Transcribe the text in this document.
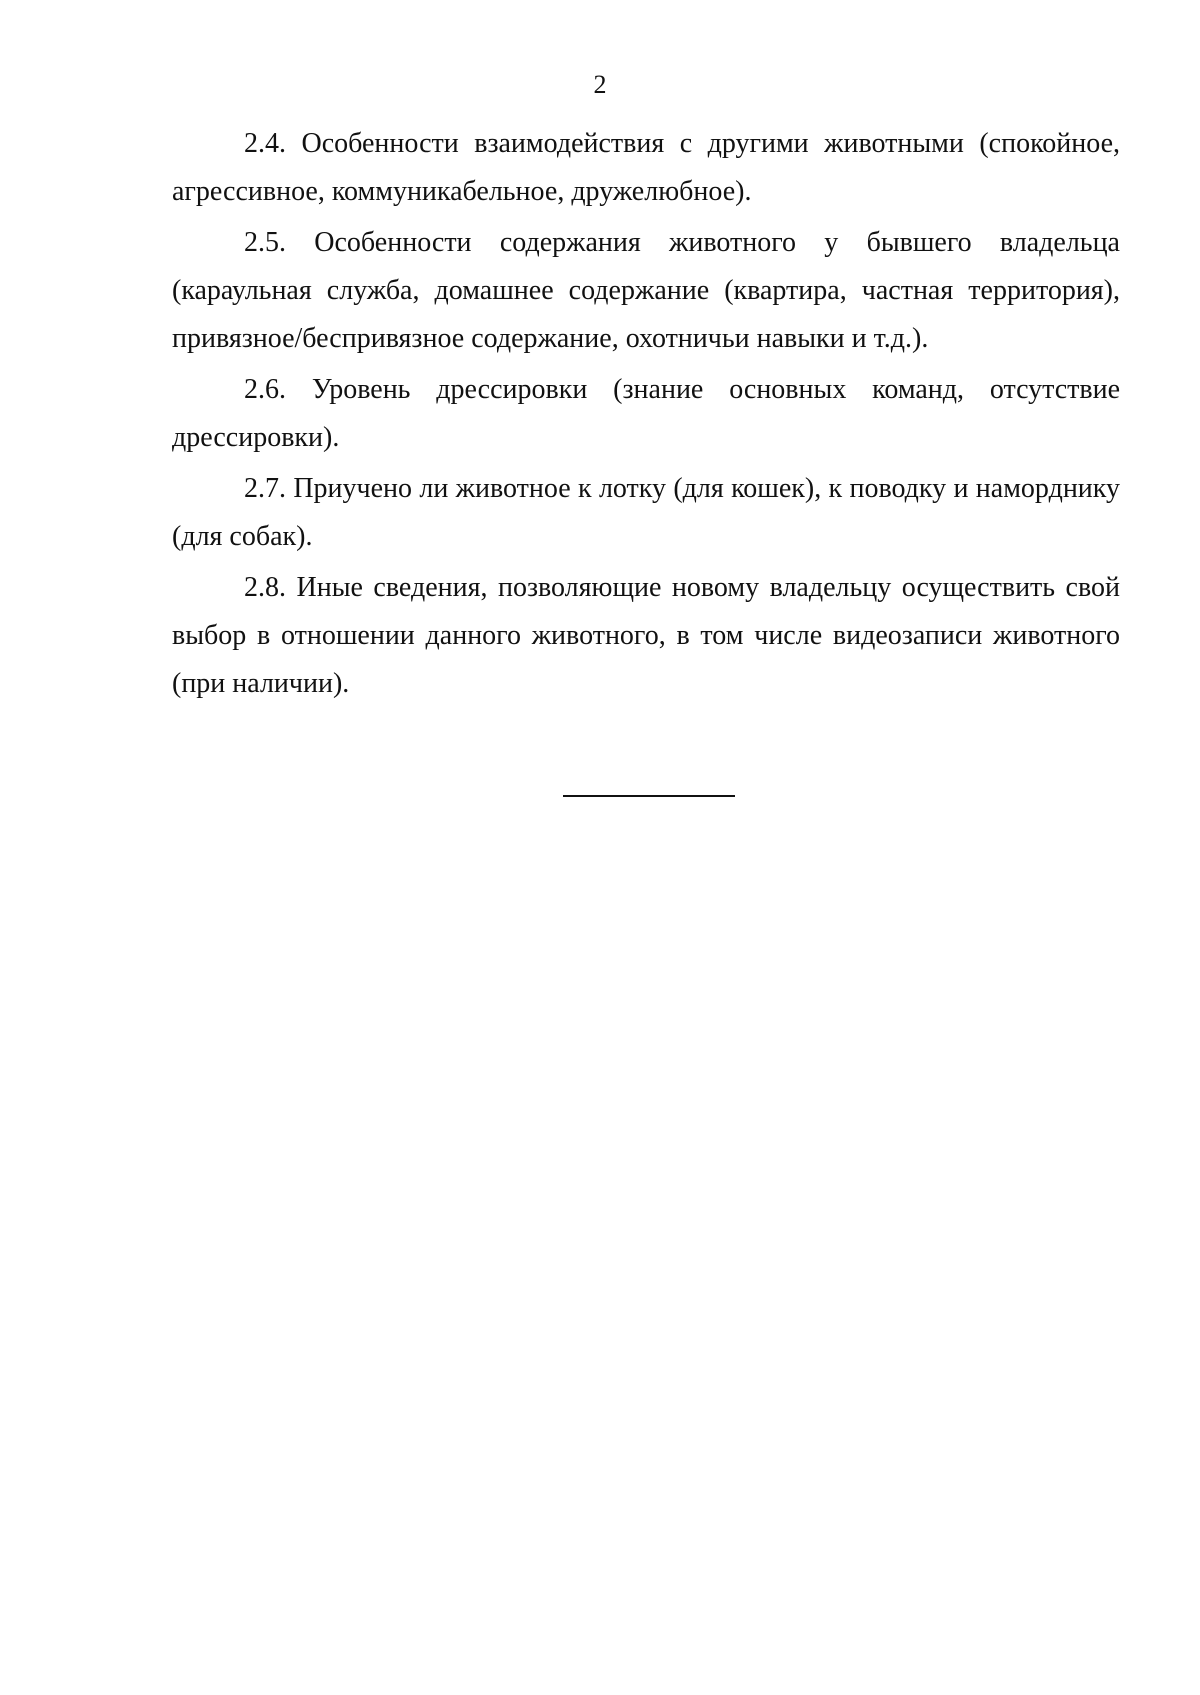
2

2.4. Особенности взаимодействия с другими животными (спокойное, агрессивное, коммуникабельное, дружелюбное).

2.5. Особенности содержания животного у бывшего владельца (караульная служба, домашнее содержание (квартира, частная территория), привязное/беспривязное содержание, охотничьи навыки и т.д.).

2.6. Уровень дрессировки (знание основных команд, отсутствие дрессировки).

2.7. Приучено ли животное к лотку (для кошек), к поводку и наморднику (для собак).

2.8. Иные сведения, позволяющие новому владельцу осуществить свой выбор в отношении данного животного, в том числе видеозаписи животного (при наличии).
